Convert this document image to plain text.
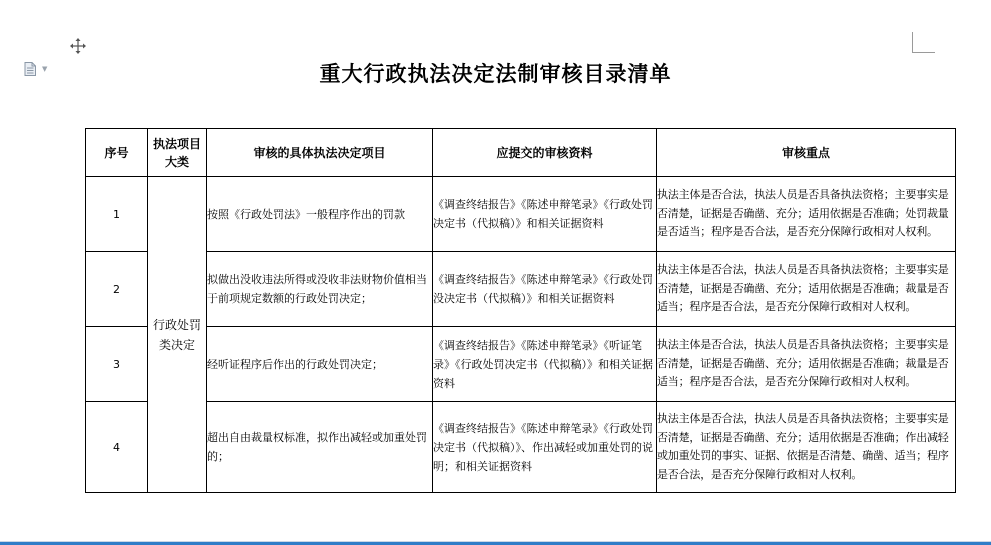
▼	重大行政执法决定法制审核目录清单
序号	执法项目大类	审核的具体执法决定项目	应提交的审核资料	审核重点
1	行政处罚类决定	按照《行政处罚法》一般程序作出的罚款	《调查终结报告》《陈述申辩笔录》《行政处罚决定书（代拟稿）》和相关证据资料	执法主体是否合法，执法人员是否具备执法资格；主要事实是否清楚，证据是否确凿、充分；适用依据是否准确；处罚裁量是否适当；程序是否合法，是否充分保障行政相对人权利。
2		拟做出没收违法所得或没收非法财物价值相当于前项规定数额的行政处罚决定；	《调查终结报告》《陈述申辩笔录》《行政处罚没决定书（代拟稿）》和相关证据资料	执法主体是否合法，执法人员是否具备执法资格；主要事实是否清楚，证据是否确凿、充分；适用依据是否准确；裁量是否适当；程序是否合法，是否充分保障行政相对人权利。
3		经听证程序后作出的行政处罚决定；	《调查终结报告》《陈述申辩笔录》《听证笔录》《行政处罚决定书（代拟稿）》和相关证据资料	执法主体是否合法，执法人员是否具备执法资格；主要事实是否清楚，证据是否确凿、充分；适用依据是否准确；裁量是否适当；程序是否合法，是否充分保障行政相对人权利。
4		超出自由裁量权标准，拟作出减轻或加重处罚的；	《调查终结报告》《陈述申辩笔录》《行政处罚决定书（代拟稿）》、作出减轻或加重处罚的说明；和相关证据资料	执法主体是否合法，执法人员是否具备执法资格；主要事实是否清楚，证据是否确凿、充分；适用依据是否准确；作出减轻或加重处罚的事实、证据、依据是否清楚、确凿、适当；程序是否合法，是否充分保障行政相对人权利。
